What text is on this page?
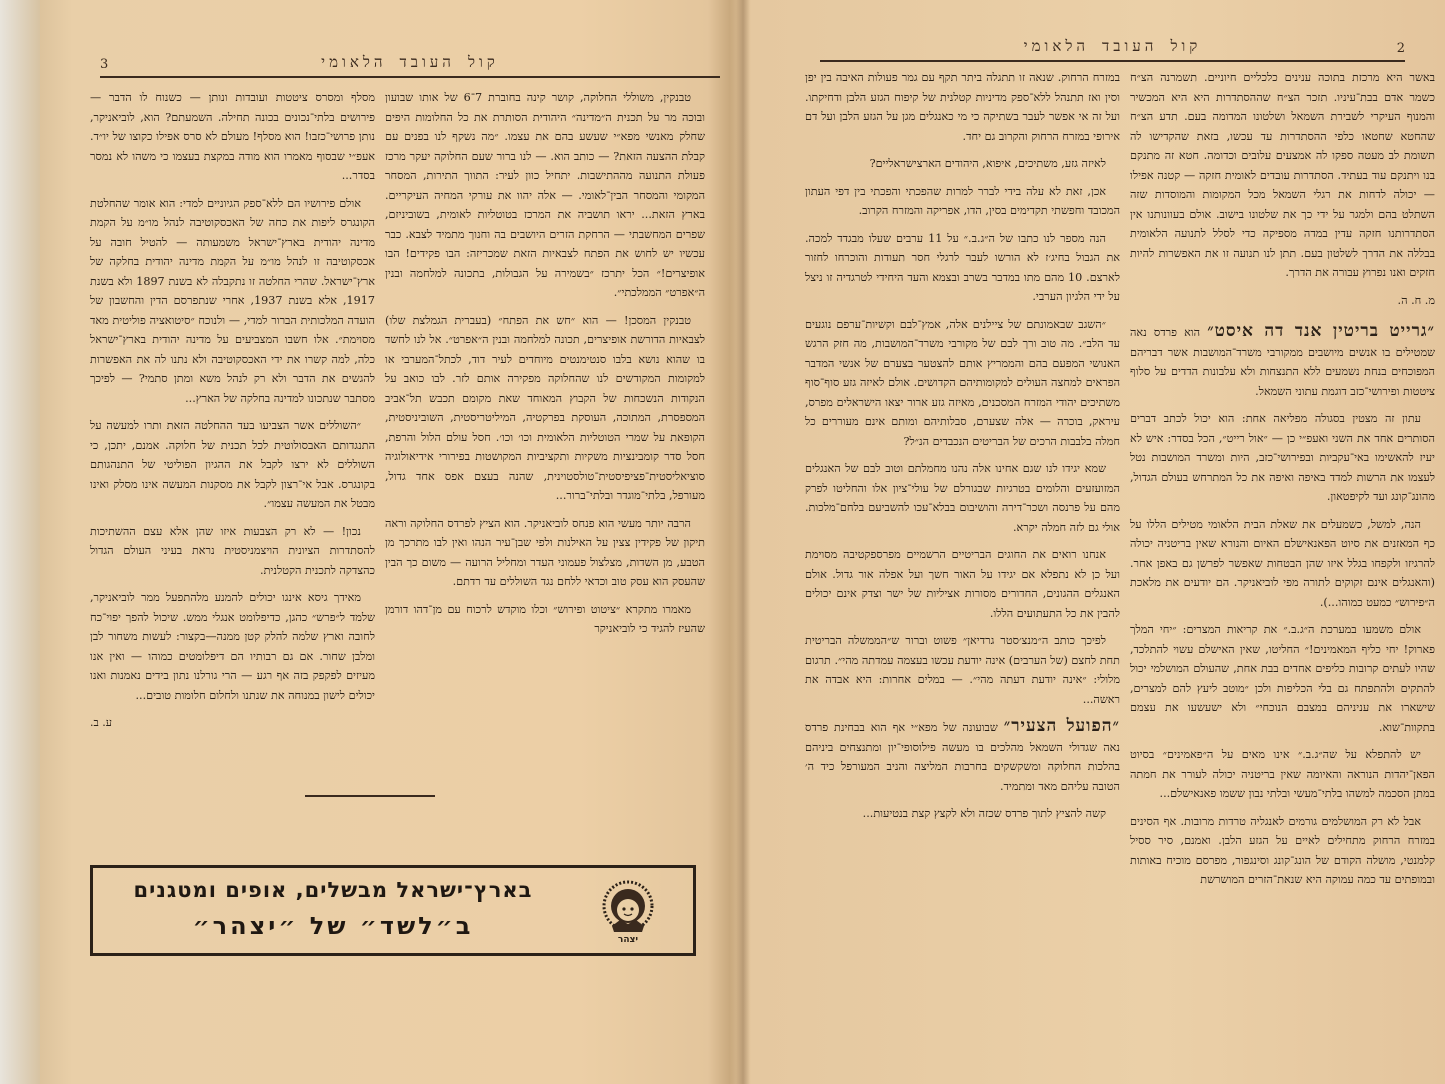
קול העובד הלאומי
3

טבנקין, משוללי החלוקה, קושר קינה בחוברת 7־6 של אותו שבועון ובוכה מר על תכנית ה״מדינה״ היהודית הסותרת את כל החלומות היפים שחלק מאנשי מפא״י שעשע בהם את עצמו. ״מה נשקף לנו בפנים עם קבלת ההצעה הזאת? — כותב הוא. — לנו ברור שעם החלוקה יעקר מרכז פעולת התנועה מההתישבות. יתחיל כוון לעיר: התווך התירות, המסחר המקומי והמסחר הבין־לאומי. — אלה יהוו את עורקי המחיה העיקריים. בארץ הזאת... יראו תושביה את המרכז בטוטליות לאומית, בשוביניזם, שפרים המחשבתי — הרחקת הזרים היושבים בה וחנוך מתמיד לצבא. כבר עכשיו יש לחוש את הפתח לצבאיות הזאת שמכריזה: הבו פקידים! הבו אופיצרים!״ הכל יתרכז ״בשמירה על הגבולות, בתכונה למלחמה ובנין ה״אפרט״ הממלכתי״.

טבנקין המסכן! — הוא ״חש את הפתח״ (בעברית הגמלצת שלו) לצבאיות הדורשת אופיצרים, תכונה למלחמה ובנין ה״אפרט״. אל לנו לחשד בו שהוא נושא בלבו סנטימנטים מיוחדים לעיר דוד, לכתל־המערבי או למקומות המקודשים לנו שהחלוקה מפקירה אותם לזר. לבו כואב על הנקודות הנשכחות של הקבוץ המאוחד שאת מקומם תכבש תל־אביב המספסרת, המתוכה, העוסקת בפרקטיה, המיליטריסטית, השוביניסטית, הקופאת על שמרי הטוטליות הלאומית וכו׳ וכו׳. חסל עולם הלול והרפת, חסל סדר קומבינציות משקיות ותקציביות המקושטות בפירורי אידיאולוגיה סוציאליסטית־פציפיסטית־טולסטוינית, שהנה בעצם אפס אחד גדול, מעורפל, בלתי־מוגדר ובלתי־ברור...

הרבה יותר מעשי הוא פנחס לוביאניקר. הוא הציץ לפרדס החלוקה וראה תיקון של פקידין צצין על האילנות ולפי שבן־עיר הנהו ואין לבו מתרכך מן הטבע, מן השדות, מצלצול פעמוני העדר ומחליל הרועה — משום כך הבין שהעסק הוא עסק טוב וכדאי ללחם נגד השוללים עד רדתם.

מאמרו מתקרא ״ציטוט ופירוש״ וכלו מוקדש לרכוח עם מן־דהו דורמן שהעיז להגיד כי לוביאניקר

מסלף ומסרס ציטטות ועובדות ונותן — כשנוח לו הדבר — פירושים בלתי־נכונים בכונה תחילה. השמעתם? הוא, לוביאניקר, נותן פרושי־כזבו! הוא מסלף! מעולם לא סרס אפילו כקוצו של יו״ד. אעפ״י שבסוף מאמרו הוא מודה במקצת בעצמו כי משהו לא נמסר בסדר...

אולם פירושיו הם ללא־ספק הגיוניים למדי: הוא אומר שהחלטת הקונגרס ליפות את כחה של האכסקוטיבה לנהל מו״מ על הקמת מדינה יהודית בארץ־ישראל משמעותה — להטיל חובה על אכסקוטיבה זו לנהל מו״מ על הקמת מדינה יהודית בחלקה של ארץ־ישראל. שהרי החלטה זו נתקבלה לא בשנת 1897 ולא בשנת 1917, אלא בשנת 1937, אחרי שנתפרסם הדין והחשבון של הועדה המלכותית הברור למדי, — ולנוכח ״סיטואציה פוליטית מאד מסוימת״. אלו חשבו המצביעים על מדינה יהודית בארץ־ישראל כלה, למה קשרו את ידי האכסקוטיבה ולא נתנו לה את האפשרות להגשים את הדבר ולא רק לנהל משא ומתן סתמי? — לפיכך מסתבר שנתכונו למדינה בחלקה של הארץ...

״השוללים אשר הצביעו בעד ההחלטה הזאת ותרו למעשה על התנגדותם האבסולוטית לכל תכנית של חלוקה. אמנם, יתכן, כי השוללים לא ירצו לקבל את ההגיון הפוליטי של התנהגותם בקונגרס. אבל אי־רצון לקבל את מסקנות המעשה אינו מסלק ואינו מבטל את המעשה עצמו״.

נכון! — לא רק הצבעות איזו שהן אלא עצם ההשתיכות להסתדרות הציונית הויצמניסטית נראת בעיני העולם הגדול כהצדקה לתכנית הקטלנית.

מאידך גיסא אינגו יכולים להמנע מלהתפעל ממר לוביאניקר, שלמד ל״פרש״ כהגן, כדיפלומט אנגלי ממש. שיכול להפך יפוי־כח לחובה וארץ שלמה להלק קטן ממנה—בקצור: לעשות משחור לבן ומלבן שחור. אם גם רבותיו הם דיפלומטים כמוהו — ואין אנו מעיזים לפקפק בזה אף רגע — הרי גורלנו נתון בידים נאמנות ואנו יכולים לישון במנוחה את שנתנו ולחלום חלומות טובים...

ע. ב.

בארץ־ישראל מבשלים, אופים ומטגנים
ב״לשד״ של ״יצהר״	יצהר
קול העובד הלאומי	2

באשר היא מרכזת בתוכה ענינים כלכליים חיוניים. תשמרנה הצ״ח כשמר אדם בבת־עיניו. תזכר הצ״ח שההסתדרות היא היא המכשיר והמנוף העיקרי לשבירת השמאל ושלטונו המדומה בעם. תדע הצ״ח שהחטא שחטאו כלפי ההסתדרות עד עכשו, בזאת שהקדישו לה תשומת לב מעטה ספקו לה אמצעים עלובים וכדומה. חטא זה מתנקם בנו ויתנקם עוד בעתיד. הסתדרות עובדים לאומית חזקה — קטנה אפילו — יכולה לדחות את רגלי השמאל מכל המקומות והמוסדות שזה השתלט בהם ולמגר על ידי כך את שלטונו בישוב. אולם בעוונותנו אין הסתדרותנו חזקה עדין במדה מספיקה כדי לסלל לתנועה הלאומית בבללה את הדרך לשלטון בעם. תתן לנו תנועה זו את האפשרות להיות חזקים ואנו נפרוץ עבורה את הדרך.

מ. ח. ה.

״גרייט בריטין אנד דה איסט״ הוא פרדס נאה שמטילים בו אנשים מיושבים ממקורבי משרד־המושבות אשר דבריהם המפוכחים בנחת נשמעים ללא התנצחות ולא עלבונות הדדים על סלוף ציטטות ופירושי־כזב דוגמת עתוני השמאל.

עתון זה מצטין בסגולה מפליאה אחת: הוא יכול לכתב דברים הסותרים אחד את השני ואעפ״י כן — ״אול רייט״, הכל בסדר: איש לא יעיז להאשימו באי־עקביות ובפירושי־כזב, היות ומשרד המושבות נטל לעצמו את הרשות למדד באיפה ואיפה את כל המתרחש בעולם הגדול, מהונג־קונג ועד לקיפטאון.

הנה, למשל, כשמעלים את שאלת הבית הלאומי מטילים הללו על כף המאזנים את סיוט הפאנאישלם האיום והנורא שאין בריטניה יכולה להרגיזו ולקפחו בגלל איזו שהן הבטחות שאפשר לפרשן גם באפן אחר. (והאנגלים אינם זקוקים לתורה מפי לוביאניקר. הם יודעים את מלאכת ה״פירוש״ כמעט כמוהו...).

אולם משמעו במערכת ה״ג.ב.״ את קריאות המצרים: ״יחי המלך פארוק! יחי כליף המאמינים!״ החליטו, שאין האישלם עשוי להתלכד, שהיו לעתים קרובות כליפים אחדים בבת אחת, שהעולם המושלמי יכול להתקים ולהתפתח גם בלי הכליפות ולכן ״מוטב ליעץ להם למצרים, שישארו את עניניהם במצבם הנוכחי״ ולא ישעשעו את עצמם בתקוות־שוא.

יש להתפלא על שה״ג.ב.״ אינו מאים על ה״פאמינים״ בסיוט הפאן־יהדות הנוראה והאיומה שאין בריטניה יכולה לעורר את חמתה במתן הסכמה למשהו בלתי־מעשי ובלתי נבון ששמו פאנאישלם...

אבל לא רק המושלמים גורמים לאנגליה טרדות מרובות. אף הסינים במזרח הרחוק מתחילים לאיים על הגזע הלבן. ואמנם, סיר ססיל קלמנטי, מושלה הקודם של הונג־קונג וסינגפור, מפרסם מוכיח באותות ובמופתים עד כמה עמוקה היא שנאת־הזרים המושרשת

במזרח הרחוק. שנאה זו תתגלה ביתר תקף עם גמר פעולות האיבה בין יפן וסין ואז תתנהל ללא־ספק מדיניות קטלנית של קיפוח הגזע הלבן ודחיקתו. ועל זה אי אפשר לעבר בשתיקה כי מי כאנגלים מגן על הגזע הלבן ועל דם אירופי במזרח הרחוק והקרוב גם יחד.

לאיזה גזע, משתיכים, איפוא, היהודים הארצישראליים?

אכן, זאת לא עלה בידי לברר למרות שהפכתי והפכתי בין דפי העתון המכובד וחפשתי תקדימים בסין, הדו, אפריקה והמזרח הקרוב.

הנה מספר לנו כתבו של ה״ג.ב.״ על 11 ערבים שעלו מבגדד למכה. את הגבול בחיג׳ז לא הורשו לעבר לרגלי חסר תעודות והוכרחו לחזור לארצם. 10 מהם מתו במדבר בשרב ובצמא והעד היחידי לטרגדיה זו ניצל על ידי הלגיון הערבי.

״השגב שבאמונתם של ציילנים אלה, אמץ־לבם וקשיות־ערפם נוגעים עד הלב״. מה טוב ורך לבם של מקורבי משרד־המושבות, מה חזק הרגש האנושי המפעם בהם והממריץ אותם להצטער בצערם של אנשי המדבר הפראים למחצה העולים למקומותיהם הקדושים. אולם לאיזה גזע סוף־סוף משתיכים יהודי המזרח המסכנים, מאיזה גזע ארור יצאו הישראלים מפרס, עיראק, בוכרה — אלה שצערם, סבלותיהם ומותם אינם מעוררים כל חמלה בלבבות הרכים של הבריטים הנכבדים הנ״ל?

שמא יגידו לנו שגם אחינו אלה נהנו מחמלתם וטוב לבם של האנגלים המזועזעים והלומים בטרגיות שבגורלם של עולי־ציון אלו והחליטו לפרק מהם על פרנסה ושכר־דירה והושיבום בבלא־עכו להשביעם בלחם־מלכות. אולי גם לזה חמלה יקרא.

אנחנו רואים את החוגים הבריטיים הרשמיים מפרספקטיבה מסוימת ועל כן לא נתפלא אם יגידו על האור חשך ועל אפלה אור גדול. אולם האנגלים ההגונים, החדורים מסורות אציליות של ישר וצדק אינם יכולים להבין את כל התעתועים הללו.

לפיכך כותב ה״מנצ׳סטר גרדיאן״ פשוט וברור ש״הממשלה הבריטית תחת לחצם (של הערבים) אינה יודעת עכשו בעצמה עמדתה מהי״. תרגום מלולי: ״אינה יודעת דעתה מהי״. — במלים אחרות: היא אבדה את ראשה...

״הפועל הצעיר״ שבועונה של מפא״י אף הוא בבחינת פרדס נאה שגדולי השמאל מהלכים בו מעשה פילוסופי־יון ומתנצחים ביניהם בהלכות החלוקה ומשקשקים בחרבות המליצה והניב המעורפל כיד ה׳ הטובה עליהם מאד ומתמיד.

קשה להציץ לתוך פרדס שכזה ולא לקצץ קצת בנטיעות...
